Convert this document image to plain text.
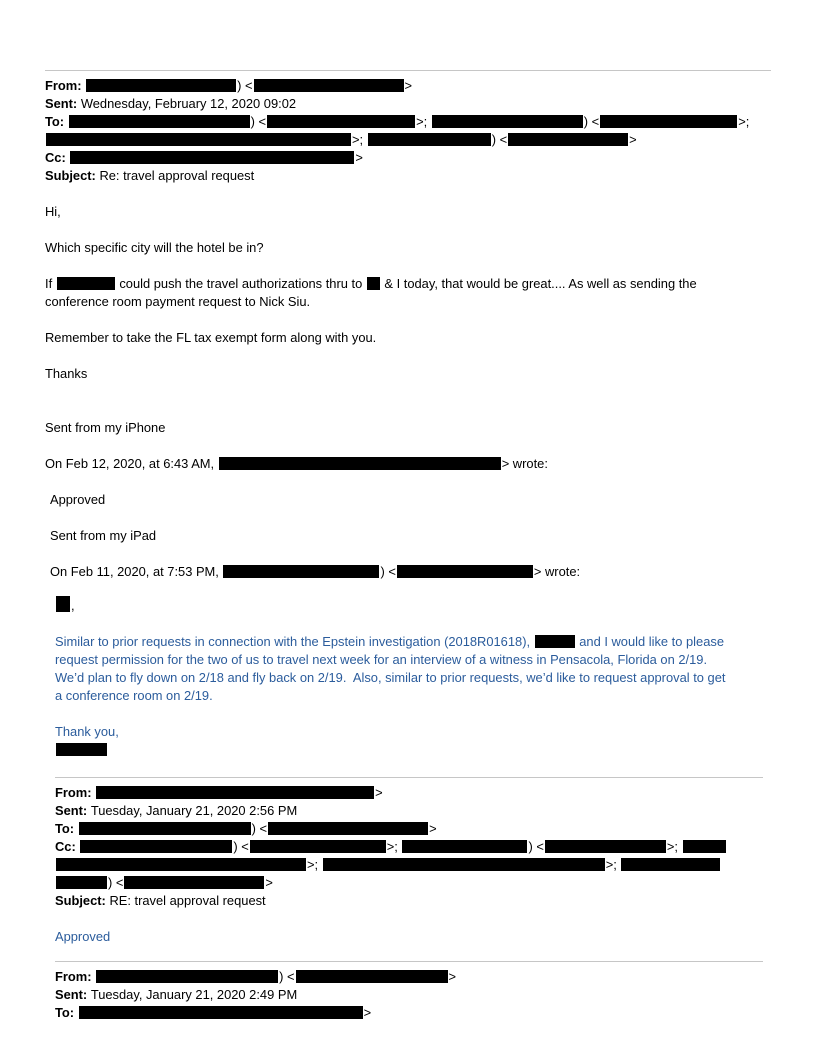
From:	) <	>
Sent: Wednesday, February 12, 2020 09:02
To:	) <	>;	) <	>;
>;	) <	>
Cc:	>
Subject: Re: travel approval request
Hi,
Which specific city will the hotel be in?
If	could push the travel authorizations thru to  & I today, that would be great.... As well as sending the
conference room payment request to Nick Siu.
Remember to take the FL tax exempt form along with you.
Thanks
Sent from my iPhone
On Feb 12, 2020, at 6:43 AM,	> wrote:
Approved
Sent from my iPad
On Feb 11, 2020, at 7:53 PM,	) <	> wrote:
,
Similar to prior requests in connection with the Epstein investigation (2018R01618),	and I would like to please
request permission for the two of us to travel next week for an interview of a witness in Pensacola, Florida on 2/19.
We’d plan to fly down on 2/18 and fly back on 2/19.  Also, similar to prior requests, we’d like to request approval to get
a conference room on 2/19.
Thank you,
From:	>
Sent: Tuesday, January 21, 2020 2:56 PM
To:	) <	>
Cc:	) <	>;	) <	>;
>;	>;
) <	>
Subject: RE: travel approval request
Approved
From:	) <	>
Sent: Tuesday, January 21, 2020 2:49 PM
To:	>
